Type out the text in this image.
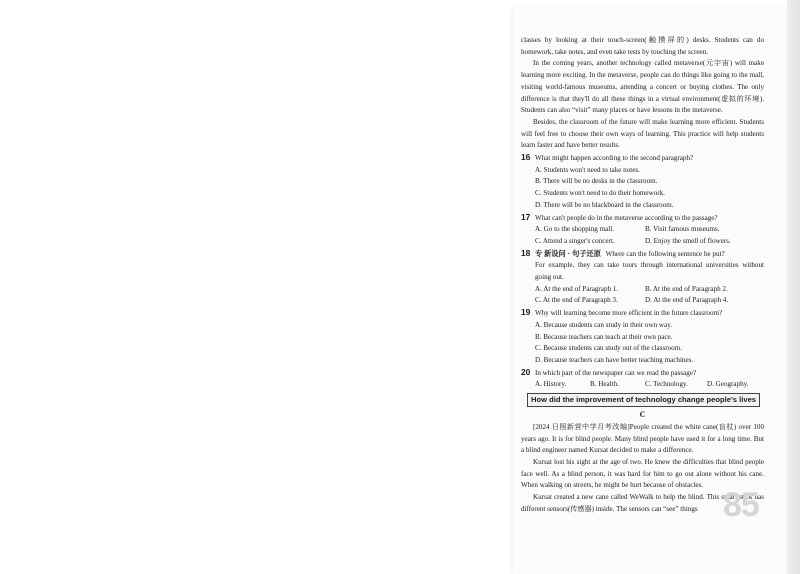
classes by looking at their touch-screen(触摸屏的) desks. Students can do homework, take notes, and even take tests by touching the screen.

In the coming years, another technology called metaverse(元宇宙) will make learning more exciting. In the metaverse, people can do things like going to the mall, visiting world-famous museums, attending a concert or buying clothes. The only difference is that they'll do all these things in a virtual environment(虚拟的环境). Students can also “visit” many places or have lessons in the metaverse.

Besides, the classroom of the future will make learning more efficient. Students will feel free to choose their own ways of learning. This practice will help students learn faster and have better results.

16 What might happen according to the second paragraph?
A. Students won't need to take notes.
B. There will be no desks in the classroom.
C. Students won't need to do their homework.
D. There will be no blackboard in the classroom.
17 What can't people do in the metaverse according to the passage?
A. Go to the shopping mall.	B. Visit famous museums.
C. Attend a singer's concert.	D. Enjoy the smell of flowers.
18 专 新设问 · 句子还原 Where can the following sentence be put?
For example, they can take tours through international universities without going out.
A. At the end of Paragraph 1.	B. At the end of Paragraph 2.
C. At the end of Paragraph 3.	D. At the end of Paragraph 4.
19 Why will learning become more efficient in the future classroom?
A. Because students can study in their own way.
B. Because teachers can teach at their own pace.
C. Because students can study out of the classroom.
D. Because teachers can have better teaching machines.
20 In which part of the newspaper can we read the passage?
A. History.	B. Health.	C. Technology.	D. Geography.
How did the improvement of technology change people's lives
C

[2024 日照新营中学月考改编]People created the white cane(盲杖) over 100 years ago. It is for blind people. Many blind people have used it for a long time. But a blind engineer named Kursat decided to make a difference.

Kursat lost his sight at the age of two. He knew the difficulties that blind people face well. As a blind person, it was hard for him to go out alone without his cane. When walking on streets, he might be hurt because of obstacles.

Kursat created a new cane called WeWalk to help the blind. This smart stick has different sensors(传感器) inside. The sensors can “see” things 85
